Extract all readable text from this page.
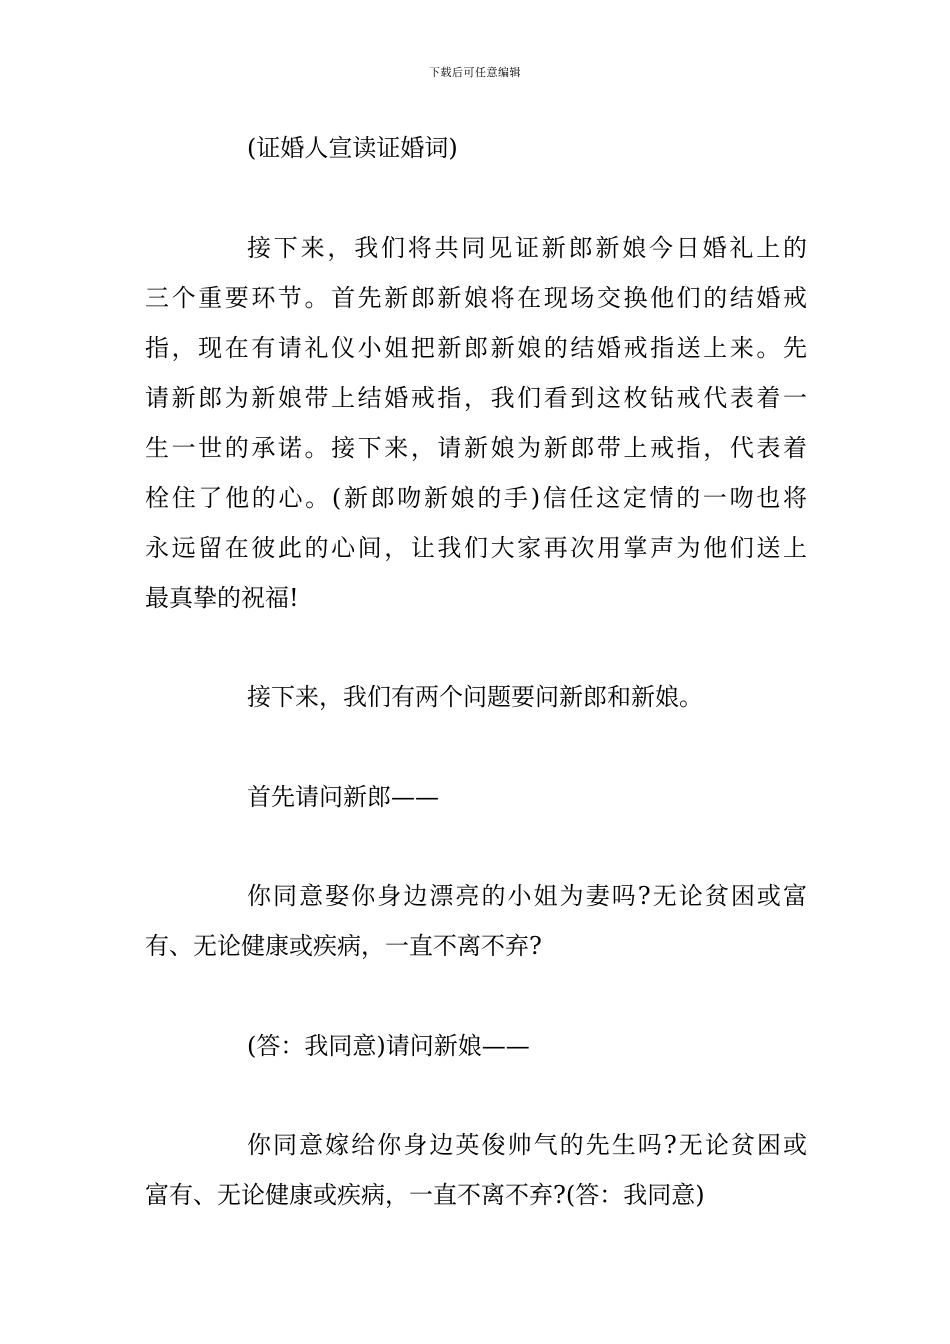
下载后可任意编辑

(证婚人宣读证婚词)

接下来，我们将共同见证新郎新娘今日婚礼上的
三个重要环节。首先新郎新娘将在现场交换他们的结婚戒
指，现在有请礼仪小姐把新郎新娘的结婚戒指送上来。先
请新郎为新娘带上结婚戒指，我们看到这枚钻戒代表着一
生一世的承诺。接下来，请新娘为新郎带上戒指，代表着
栓住了他的心。(新郎吻新娘的手)信任这定情的一吻也将
永远留在彼此的心间，让我们大家再次用掌声为他们送上
最真挚的祝福!

接下来，我们有两个问题要问新郎和新娘。

首先请问新郎——

你同意娶你身边漂亮的小姐为妻吗?无论贫困或富
有、无论健康或疾病，一直不离不弃?

(答：我同意)请问新娘——

你同意嫁给你身边英俊帅气的先生吗?无论贫困或
富有、无论健康或疾病，一直不离不弃?(答：我同意)
